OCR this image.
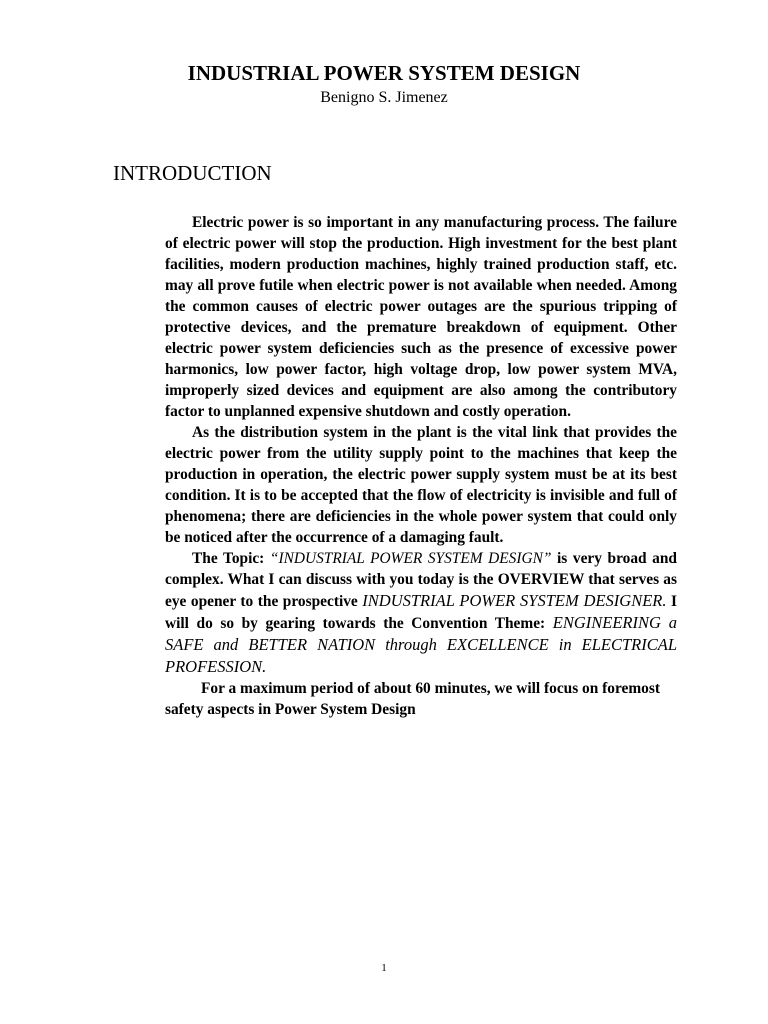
INDUSTRIAL POWER SYSTEM DESIGN
Benigno S. Jimenez
INTRODUCTION

Electric power is so important in any manufacturing process. The failure of electric power will stop the production. High investment for the best plant facilities, modern production machines, highly trained production staff, etc. may all prove futile when electric power is not available when needed. Among the common causes of electric power outages are the spurious tripping of protective devices, and the premature breakdown of equipment. Other electric power system deficiencies such as the presence of excessive power harmonics, low power factor, high voltage drop, low power system MVA, improperly sized devices and equipment are also among the contributory factor to unplanned expensive shutdown and costly operation.

As the distribution system in the plant is the vital link that provides the electric power from the utility supply point to the machines that keep the production in operation, the electric power supply system must be at its best condition. It is to be accepted that the flow of electricity is invisible and full of phenomena; there are deficiencies in the whole power system that could only be noticed after the occurrence of a damaging fault.

The Topic: “INDUSTRIAL POWER SYSTEM DESIGN” is very broad and complex. What I can discuss with you today is the OVERVIEW that serves as eye opener to the prospective INDUSTRIAL POWER SYSTEM DESIGNER. I will do so by gearing towards the Convention Theme: ENGINEERING a SAFE and BETTER NATION through EXCELLENCE in ELECTRICAL PROFESSION.

For a maximum period of about 60 minutes, we will focus on foremost safety aspects in Power System Design

1
